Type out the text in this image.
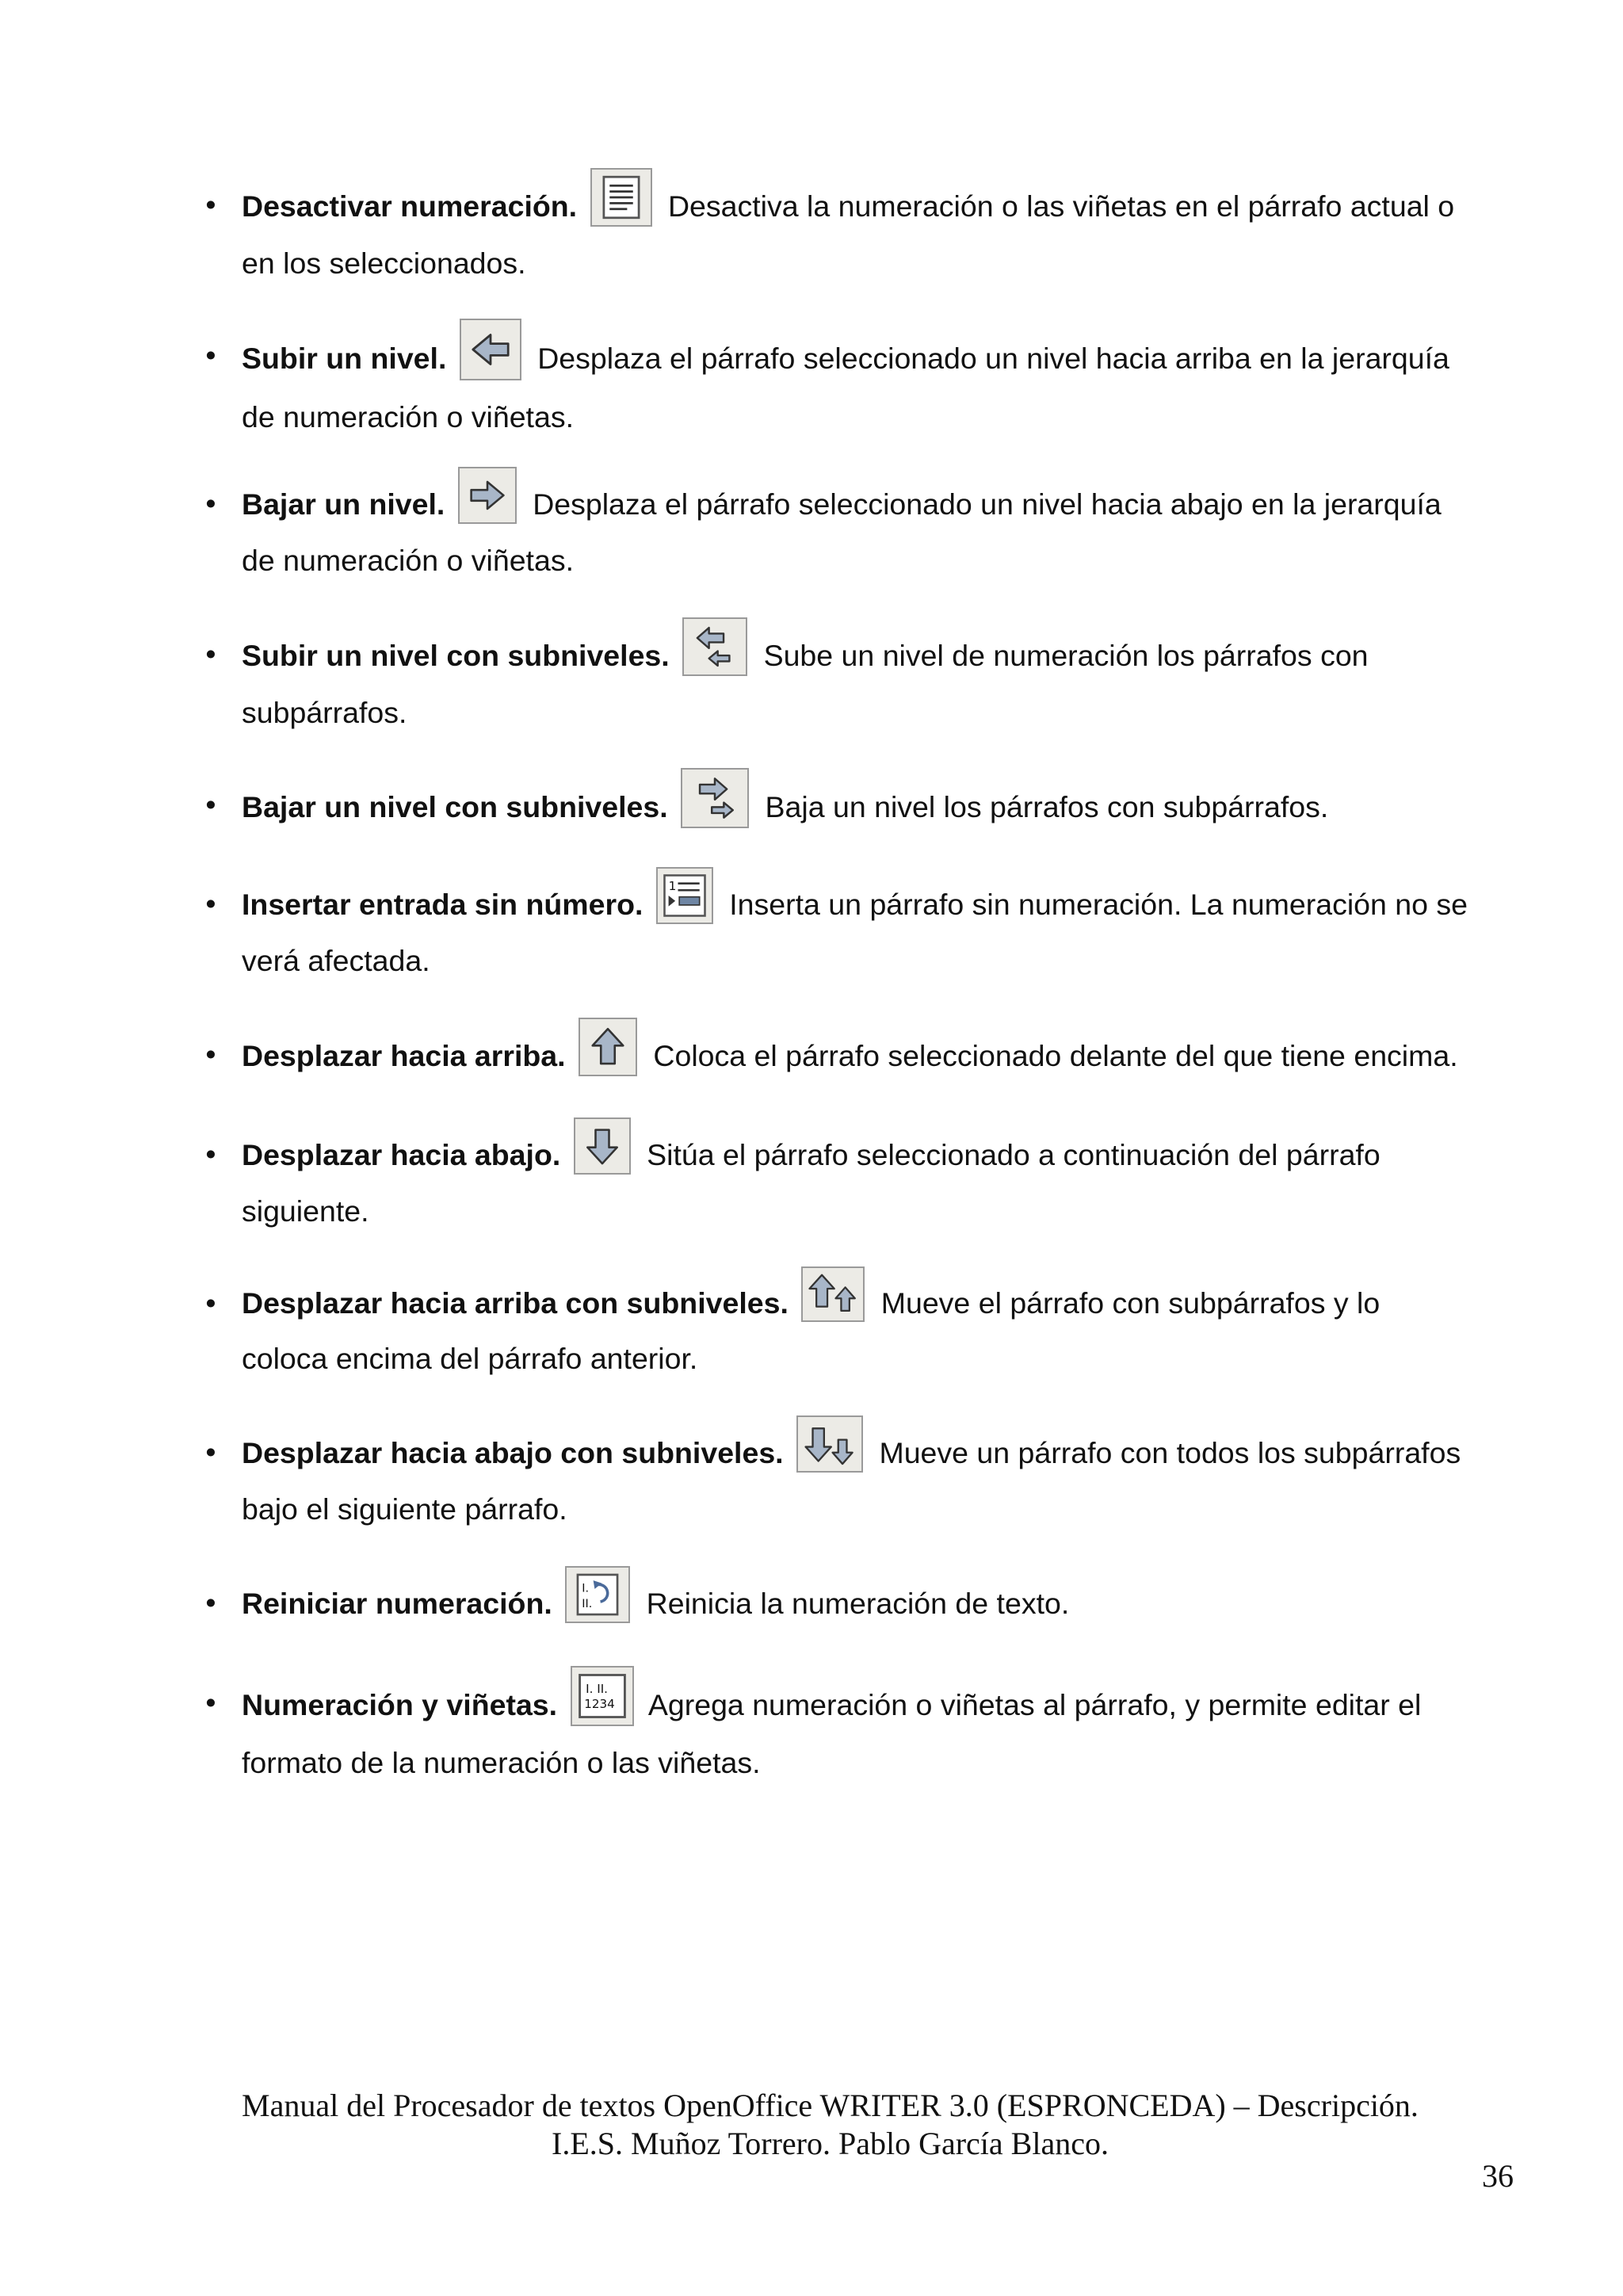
• Desactivar numeración.	Desactiva la numeración o las viñetas en el párrafo actual o en los seleccionados.
• Subir un nivel.	Desplaza el párrafo seleccionado un nivel hacia arriba en la jerarquía de numeración o viñetas.
• Bajar un nivel.	Desplaza el párrafo seleccionado un nivel hacia abajo en la jerarquía de numeración o viñetas.
• Subir un nivel con subniveles.	Sube un nivel de numeración los párrafos con subpárrafos.
• Bajar un nivel con subniveles.	Baja un nivel los párrafos con subpárrafos.
• Insertar entrada sin número.
1
Inserta un párrafo sin numeración. La numeración no se verá afectada.
• Desplazar hacia arriba.	Coloca el párrafo seleccionado delante del que tiene encima.
• Desplazar hacia abajo.	Sitúa el párrafo seleccionado a continuación del párrafo siguiente.
• Desplazar hacia arriba con subniveles.	Mueve el párrafo con subpárrafos y lo coloca encima del párrafo anterior.
• Desplazar hacia abajo con subniveles.	Mueve un párrafo con todos los subpárrafos bajo el siguiente párrafo.
• Reiniciar numeración.	I.
II. Reinicia la numeración de texto.
• Numeración y viñetas.	I. II.
1234 Agrega numeración o viñetas al párrafo, y permite editar el formato de la numeración o las viñetas.
Manual del Procesador de textos OpenOffice WRITER 3.0 (ESPRONCEDA) – Descripción.
I.E.S. Muñoz Torrero. Pablo García Blanco.
36
